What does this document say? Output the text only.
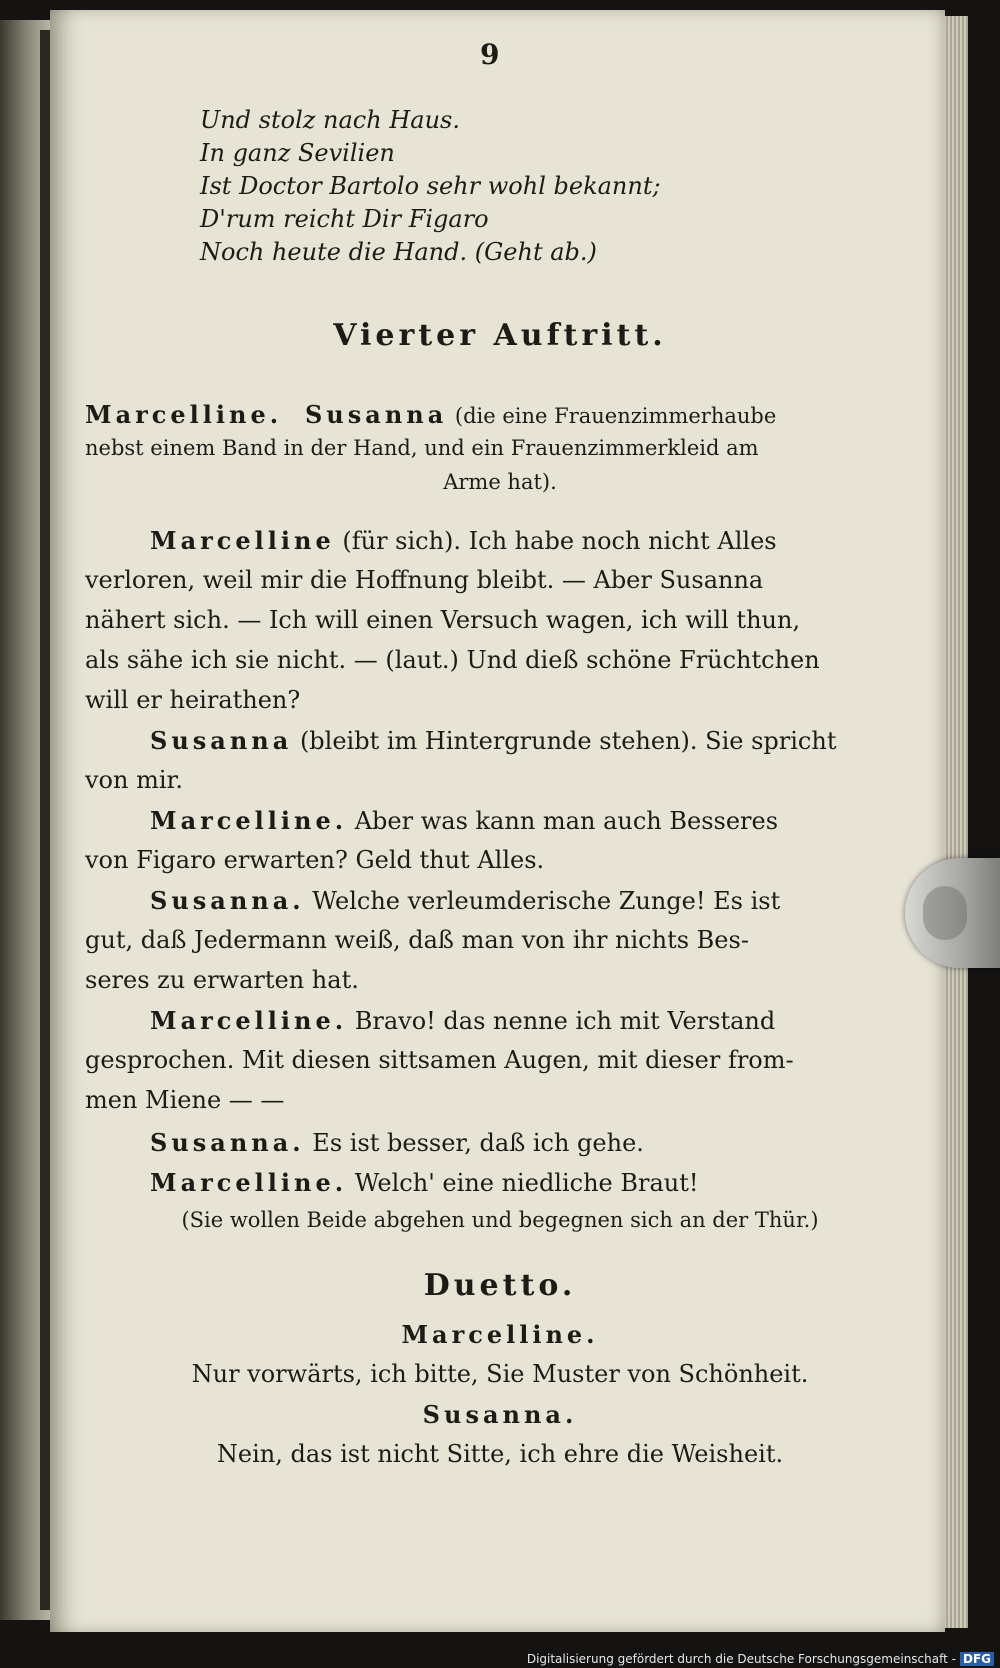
9
Und stolz nach Haus.
In ganz Sevilien
Ist Doctor Bartolo sehr wohl bekannt;
D'rum reicht Dir Figaro
Noch heute die Hand. (Geht ab.)
Vierter Auftritt.
Marcelline. Susanna (die eine Frauenzimmerhaube
nebst einem Band in der Hand, und ein Frauenzimmerkleid am
Arme hat).
Marcelline (für sich). Ich habe noch nicht Alles
verloren, weil mir die Hoffnung bleibt. — Aber Susanna
nähert sich. — Ich will einen Versuch wagen, ich will thun,
als sähe ich sie nicht. — (laut.) Und dieß schöne Früchtchen
will er heirathen?
Susanna (bleibt im Hintergrunde stehen). Sie spricht
von mir.
Marcelline. Aber was kann man auch Besseres
von Figaro erwarten? Geld thut Alles.
Susanna. Welche verleumderische Zunge! Es ist
gut, daß Jedermann weiß, daß man von ihr nichts Bes-
seres zu erwarten hat.
Marcelline. Bravo! das nenne ich mit Verstand
gesprochen. Mit diesen sittsamen Augen, mit dieser from-
men Miene — —
Susanna. Es ist besser, daß ich gehe.
Marcelline. Welch' eine niedliche Braut!
(Sie wollen Beide abgehen und begegnen sich an der Thür.)
Duetto.
Marcelline.
Nur vorwärts, ich bitte, Sie Muster von Schönheit.
Susanna.
Nein, das ist nicht Sitte, ich ehre die Weisheit.
Digitalisierung gefördert durch die Deutsche Forschungsgemeinschaft - DFG
